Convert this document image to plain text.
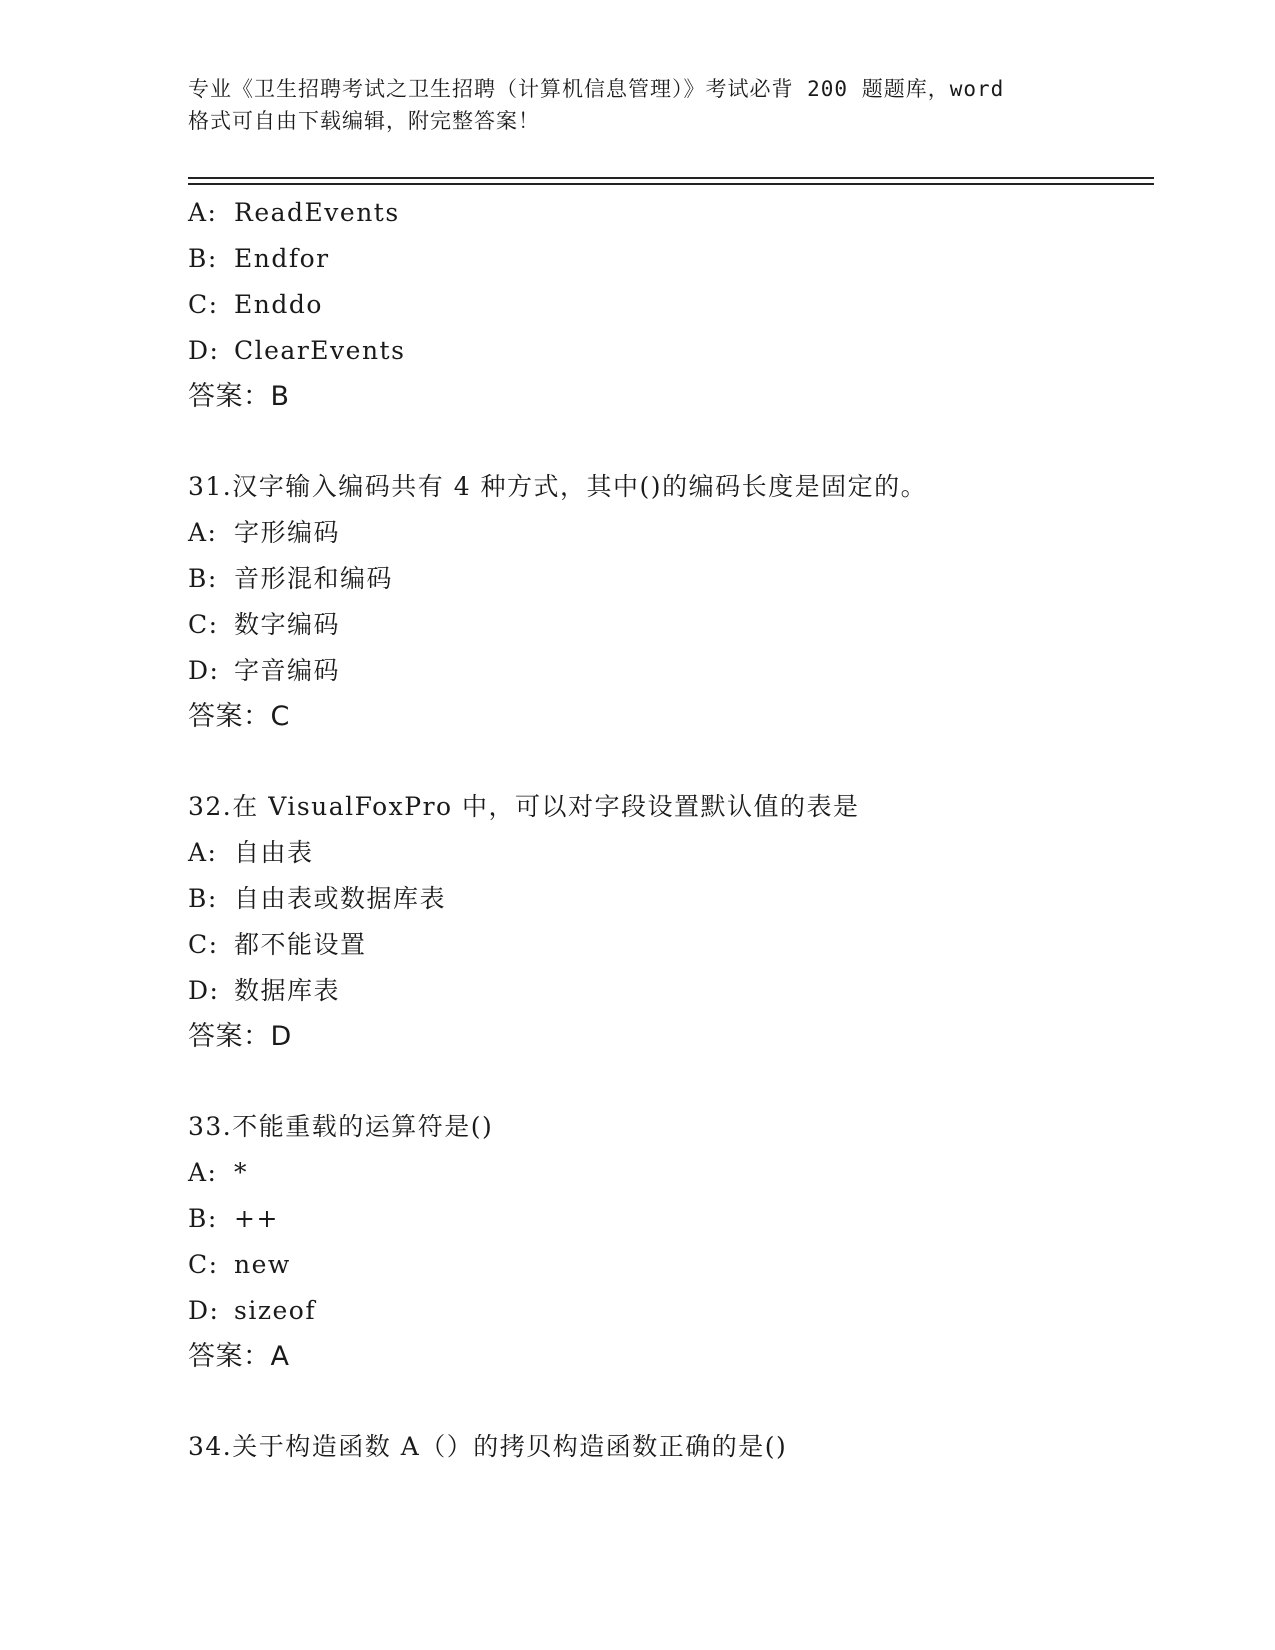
专业《卫生招聘考试之卫生招聘（计算机信息管理）》考试必背 200 题题库，word
格式可自由下载编辑，附完整答案！
A: ReadEvents
B: Endfor
C: Enddo
D: ClearEvents
答案：B
31.汉字输入编码共有 4 种方式，其中()的编码长度是固定的。
A: 字形编码
B: 音形混和编码
C: 数字编码
D: 字音编码
答案：C
32.在 VisualFoxPro 中，可以对字段设置默认值的表是
A: 自由表
B: 自由表或数据库表
C: 都不能设置
D: 数据库表
答案：D
33.不能重载的运算符是()
A: *
B: ++
C: new
D: sizeof
答案：A
34.关于构造函数 A（）的拷贝构造函数正确的是()
